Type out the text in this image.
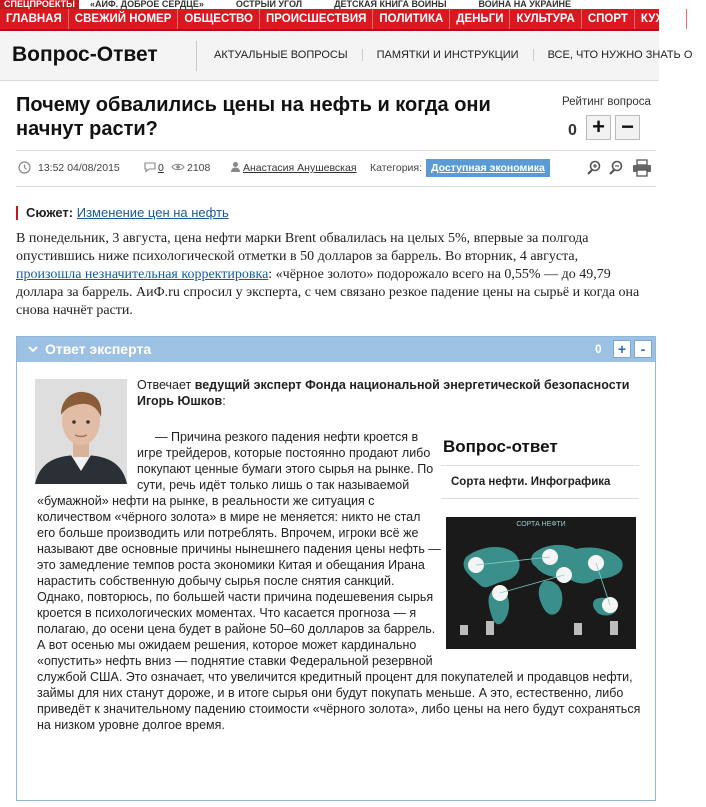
СПЕЦПРОЕКТЫ	«АИФ. ДОБРОЕ СЕРДЦЕ»	ОСТРЫЙ УГОЛ	ДЕТСКАЯ КНИГА ВОЙНЫ	ВОЙНА НА УКРАИНЕ
ГЛАВНАЯ	СВЕЖИЙ НОМЕР	ОБЩЕСТВО	ПРОИСШЕСТВИЯ	ПОЛИТИКА	ДЕНЬГИ	КУЛЬТУРА	СПОРТ	КУХНЯ
Вопрос-Ответ	АКТУАЛЬНЫЕ ВОПРОСЫ	ПАМЯТКИ И ИНСТРУКЦИИ	ВСЕ, ЧТО НУЖНО ЗНАТЬ О
Почему обвалились цены на нефть и когда они начнут расти?
Рейтинг вопроса
0 + −
13:52 04/08/2015	0 2108	Анастасия Анушевская Категория: Доступная экономика
Сюжет: Изменение цен на нефть

В понедельник, 3 августа, цена нефти марки Brent обвалилась на целых 5%, впервые за полгода опустившись ниже психологической отметки в 50 долларов за баррель. Во вторник, 4 августа, произошла незначительная корректировка: «чёрное золото» подорожало всего на 0,55% — до 49,79 доллара за баррель. АиФ.ru спросил у эксперта, с чем связано резкое падение цены на сырьё и когда она снова начнёт расти.

Ответ эксперта	0	+	-

Отвечает ведущий эксперт Фонда национальной энергетической безопасности Игорь Юшков:

— Причина резкого падения нефти кроется в игре трейдеров, которые постоянно продают либо покупают ценные бумаги этого сырья на рынке. По сути, речь идёт только лишь о так называемой «бумажной» нефти на рынке, в реальности же ситуация с количеством «чёрного золота» в мире не меняется: никто не стал его больше производить или потреблять. Впрочем, игроки всё же называют две основные причины нынешнего падения цены нефть — это замедление темпов роста экономики Китая и обещания Ирана нарастить собственную добычу сырья после снятия санкций. Однако, повторюсь, по большей части причина подешевения сырья кроется в психологических моментах. Что касается прогноза — я полагаю, до осени цена будет в районе 50–60 долларов за баррель. А вот осенью мы ожидаем решения, которое может кардинально «опустить» нефть вниз — поднятие ставки Федеральной резервной службой США. Это означает, что увеличится кредитный процент для покупателей и продавцов нефти, займы для них станут дороже, и в итоге сырья они будут покупать меньше. А это, естественно, либо приведёт к значительному падению стоимости «чёрного золота», либо цены на него будут сохраняться на низком уровне долгое время.
Вопрос-ответ
Сорта нефти. Инфографика
СОРТА НЕФТИ
